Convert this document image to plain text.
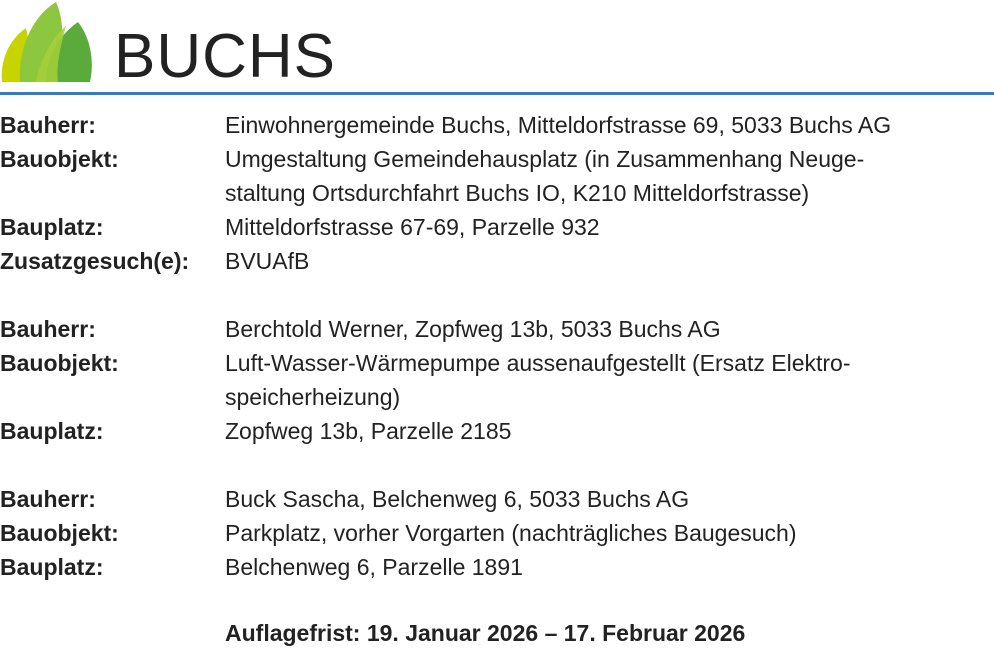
BUCHS
Bauherr:	Einwohnergemeinde Buchs, Mitteldorfstrasse 69, 5033 Buchs AG
Bauobjekt:	Umgestaltung Gemeindehausplatz (in Zusammenhang Neuge-
staltung Ortsdurchfahrt Buchs IO, K210 Mitteldorfstrasse)
Bauplatz:	Mitteldorfstrasse 67-69, Parzelle 932
Zusatzgesuch(e):	BVUAfB
Bauherr:	Berchtold Werner, Zopfweg 13b, 5033 Buchs AG
Bauobjekt:	Luft-Wasser-Wärmepumpe aussenaufgestellt (Ersatz Elektro-
speicherheizung)
Bauplatz:	Zopfweg 13b, Parzelle 2185
Bauherr:	Buck Sascha, Belchenweg 6, 5033 Buchs AG
Bauobjekt:	Parkplatz, vorher Vorgarten (nachträgliches Baugesuch)
Bauplatz:	Belchenweg 6, Parzelle 1891
Auflagefrist: 19. Januar 2026 – 17. Februar 2026
